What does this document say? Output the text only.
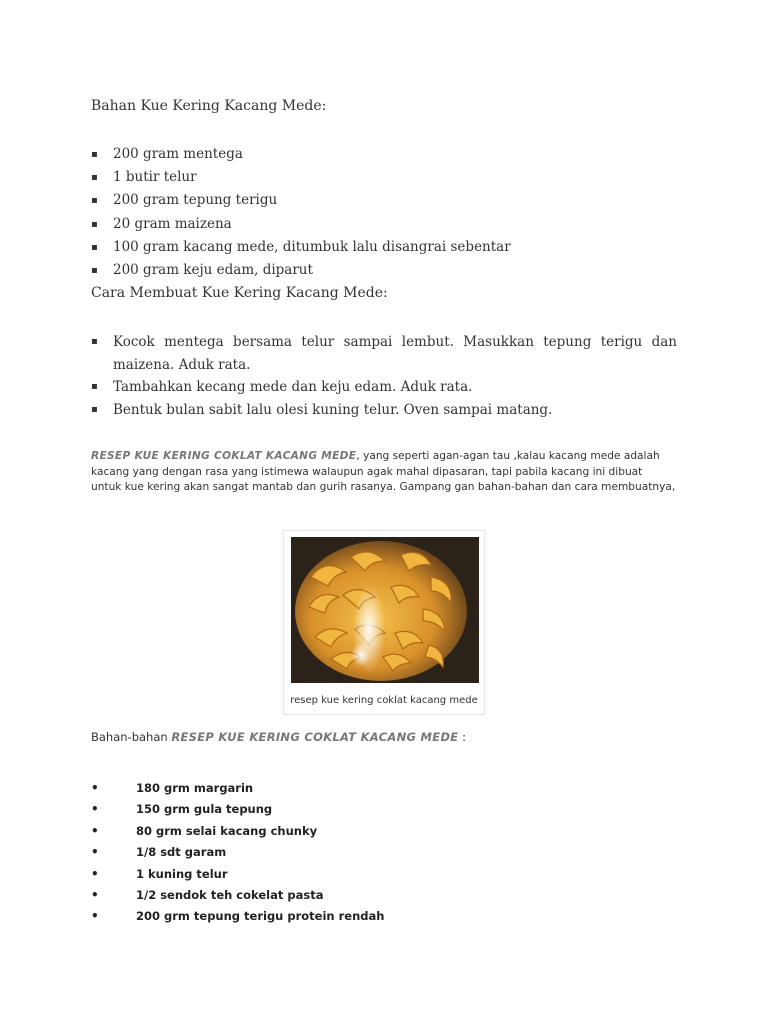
Bahan Kue Kering Kacang Mede:
▪ 200 gram mentega
▪ 1 butir telur
▪ 200 gram tepung terigu
▪ 20 gram maizena
▪ 100 gram kacang mede, ditumbuk lalu disangrai sebentar
▪ 200 gram keju edam, diparut
Cara Membuat Kue Kering Kacang Mede:
▪ Kocok mentega bersama telur sampai lembut. Masukkan tepung terigu dan maizena. Aduk rata.
▪ Tambahkan kecang mede dan keju edam. Aduk rata.
▪ Bentuk bulan sabit lalu olesi kuning telur. Oven sampai matang.

RESEP KUE KERING COKLAT KACANG MEDE, yang seperti agan-agan tau ,kalau kacang mede adalah kacang yang dengan rasa yang istimewa walaupun agak mahal dipasaran, tapi pabila kacang ini dibuat untuk kue kering akan sangat mantab dan gurih rasanya. Gampang gan bahan-bahan dan cara membuatnya,

resep kue kering coklat kacang mede
Bahan-bahan RESEP KUE KERING COKLAT KACANG MEDE :
•	180 grm margarin
•	150 grm gula tepung
•	80 grm selai kacang chunky
•	1/8 sdt garam
•	1 kuning telur
•	1/2 sendok teh cokelat pasta
•	200 grm tepung terigu protein rendah
